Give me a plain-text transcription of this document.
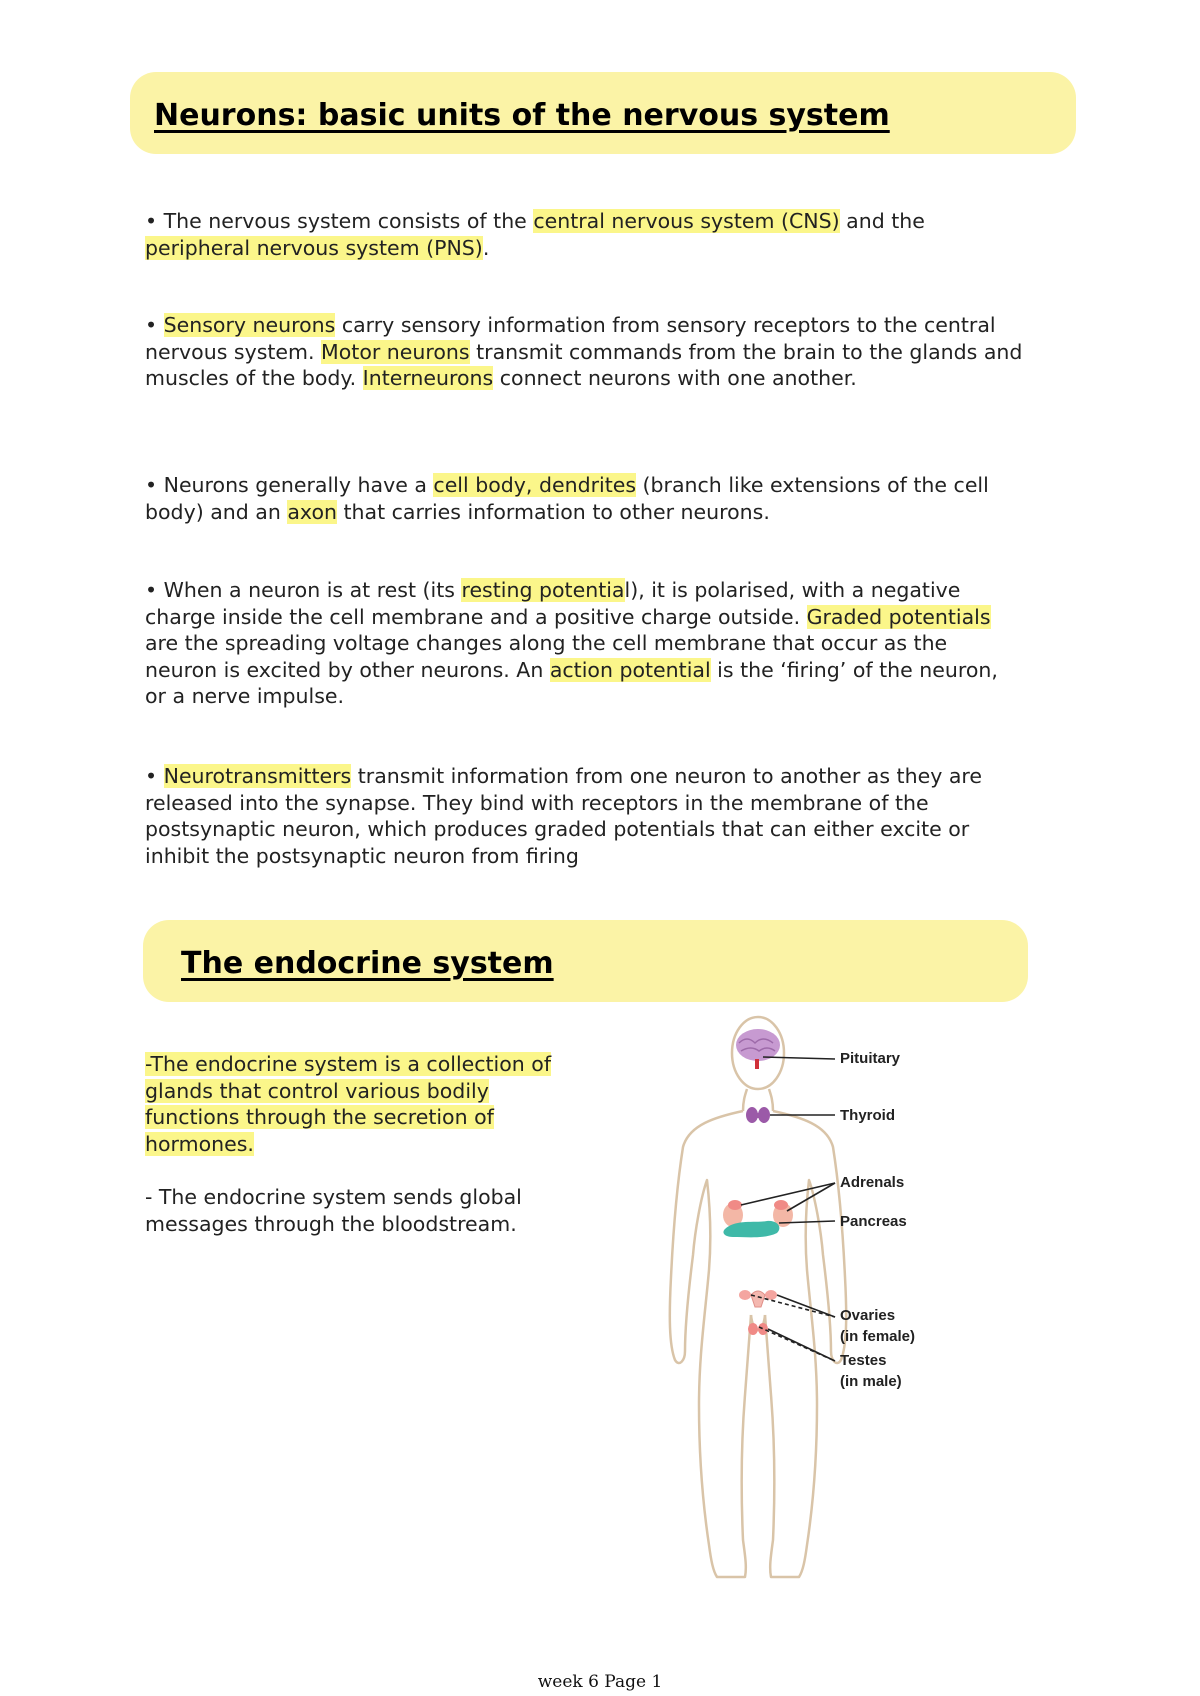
Neurons: basic units of the nervous system

• The nervous system consists of the central nervous system (CNS) and the peripheral nervous system (PNS).

• Sensory neurons carry sensory information from sensory receptors to the central nervous system. Motor neurons transmit commands from the brain to the glands and muscles of the body. Interneurons connect neurons with one another.

• Neurons generally have a cell body, dendrites (branch like extensions of the cell body) and an axon that carries information to other neurons.

• When a neuron is at rest (its resting potential), it is polarised, with a negative charge inside the cell membrane and a positive charge outside. Graded potentials are the spreading voltage changes along the cell membrane that occur as the neuron is excited by other neurons. An action potential is the ‘firing’ of the neuron, or a nerve impulse.

• Neurotransmitters transmit information from one neuron to another as they are released into the synapse. They bind with receptors in the membrane of the postsynaptic neuron, which produces graded potentials that can either excite or inhibit the postsynaptic neuron from firing

The endocrine system

-The endocrine system is a collection of glands that control various bodily functions through the secretion of hormones.

- The endocrine system sends global messages through the bloodstream.

Pituitary
Thyroid
Adrenals
Pancreas
Ovaries
(in female)
Testes
(in male)
week 6 Page 1
